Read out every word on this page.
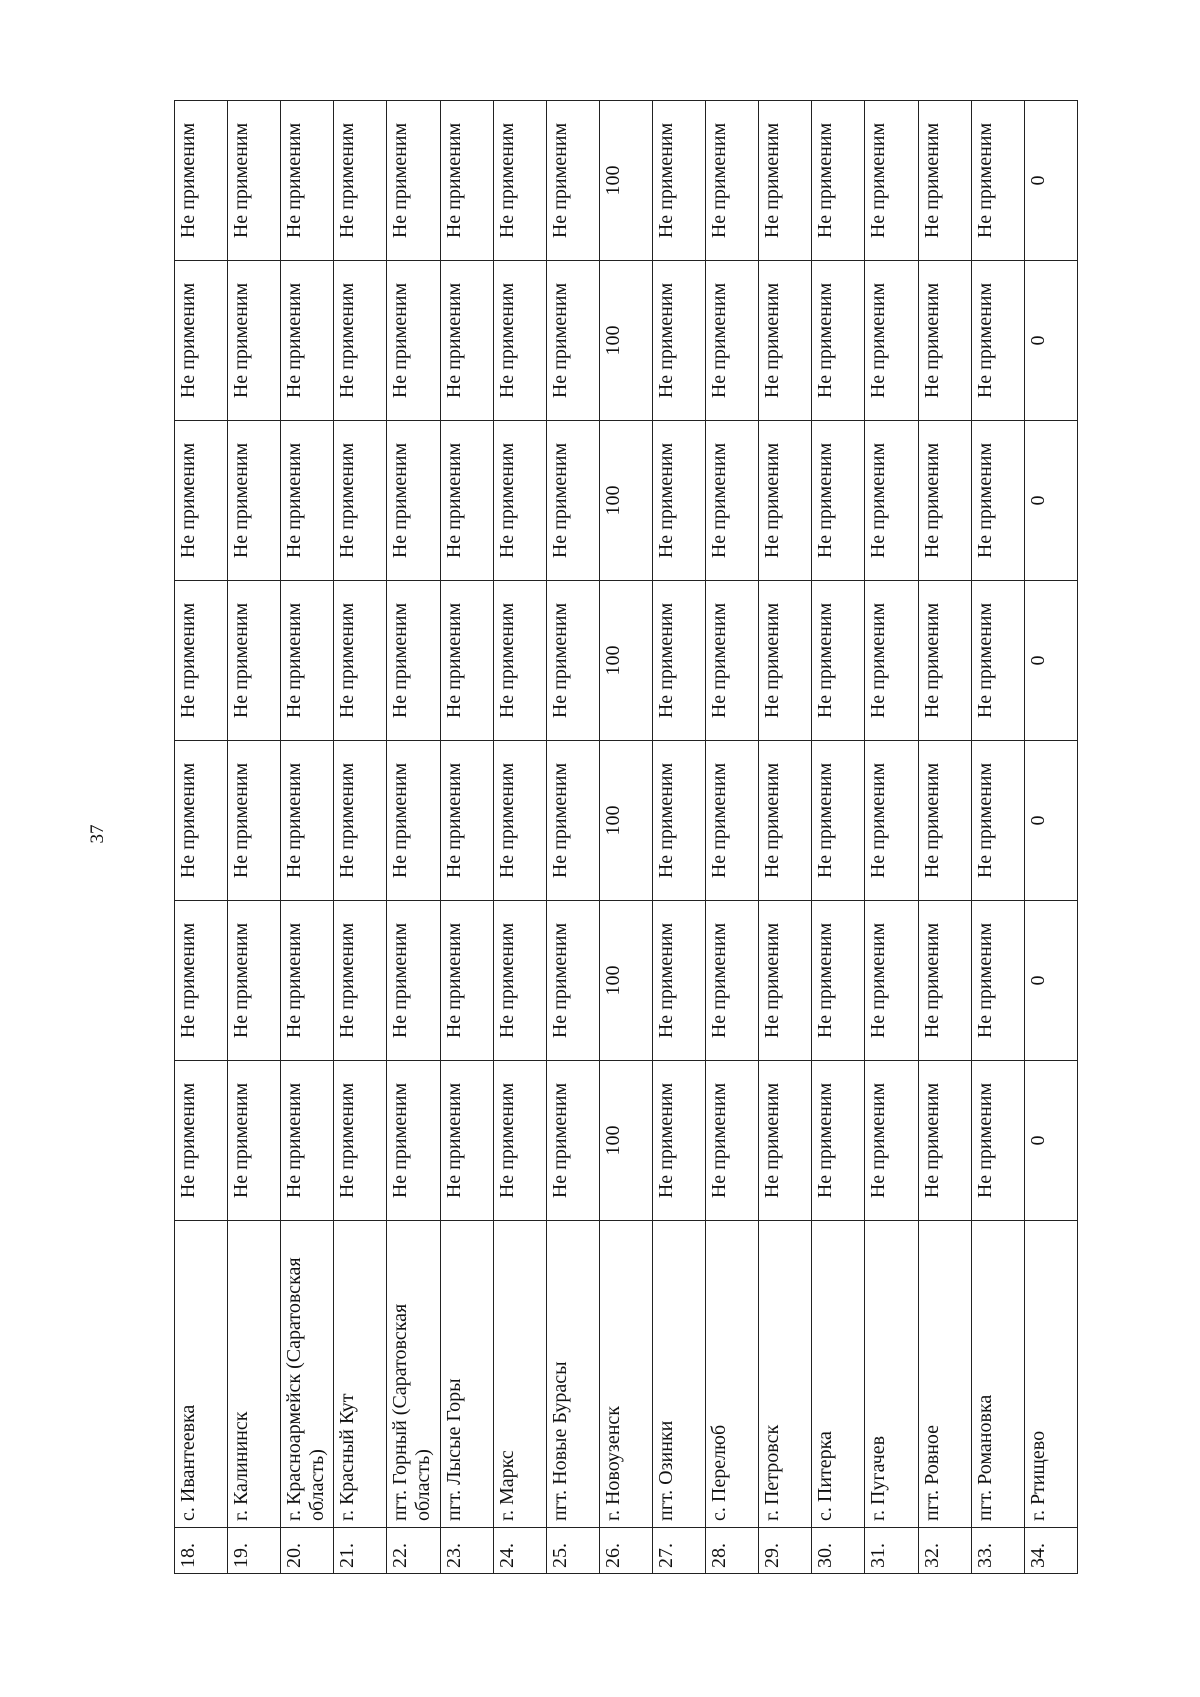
37
18.	с. Ивантеевка	Не применим	Не применим	Не применим	Не применим	Не применим	Не применим	Не применим
19.	г. Калининск	Не применим	Не применим	Не применим	Не применим	Не применим	Не применим	Не применим
20.	г. Красноармейск (Саратовская область)	Не применим	Не применим	Не применим	Не применим	Не применим	Не применим	Не применим
21.	г. Красный Кут	Не применим	Не применим	Не применим	Не применим	Не применим	Не применим	Не применим
22.	пгт. Горный (Саратовская область)	Не применим	Не применим	Не применим	Не применим	Не применим	Не применим	Не применим
23.	пгт. Лысые Горы	Не применим	Не применим	Не применим	Не применим	Не применим	Не применим	Не применим
24.	г. Маркс	Не применим	Не применим	Не применим	Не применим	Не применим	Не применим	Не применим
25.	пгт. Новые Бурасы	Не применим	Не применим	Не применим	Не применим	Не применим	Не применим	Не применим
26.	г. Новоузенск	100	100	100	100	100	100	100
27.	пгт. Озинки	Не применим	Не применим	Не применим	Не применим	Не применим	Не применим	Не применим
28.	с. Перелюб	Не применим	Не применим	Не применим	Не применим	Не применим	Не применим	Не применим
29.	г. Петровск	Не применим	Не применим	Не применим	Не применим	Не применим	Не применим	Не применим
30.	с. Питерка	Не применим	Не применим	Не применим	Не применим	Не применим	Не применим	Не применим
31.	г. Пугачев	Не применим	Не применим	Не применим	Не применим	Не применим	Не применим	Не применим
32.	пгт. Ровное	Не применим	Не применим	Не применим	Не применим	Не применим	Не применим	Не применим
33.	пгт. Романовка	Не применим	Не применим	Не применим	Не применим	Не применим	Не применим	Не применим
34.	г. Ртищево	0	0	0	0	0	0	0
